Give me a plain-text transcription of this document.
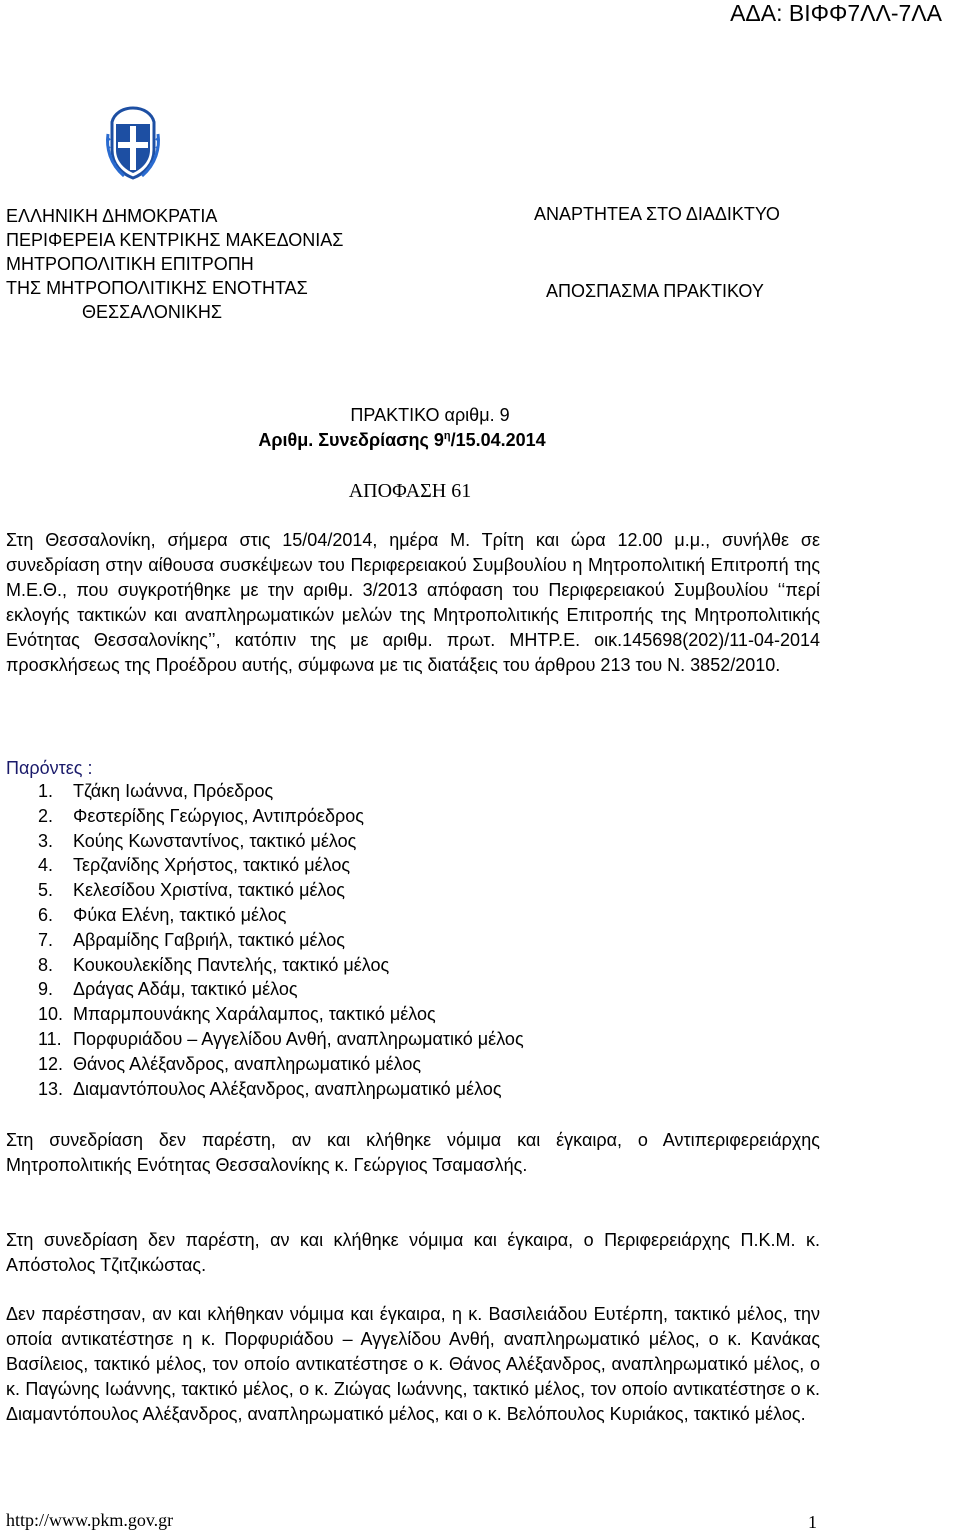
ΑΔΑ: ΒΙΦΦ7ΛΛ-7ΛΑ
ΕΛΛΗΝΙΚΗ ΔΗΜΟΚΡΑΤΙΑ
ΠΕΡΙΦΕΡΕΙΑ ΚΕΝΤΡΙΚΗΣ ΜΑΚΕΔΟΝΙΑΣ
ΜΗΤΡΟΠΟΛΙΤΙΚΗ ΕΠΙΤΡΟΠΗ
ΤΗΣ ΜΗΤΡΟΠΟΛΙΤΙΚΗΣ ΕΝΟΤΗΤΑΣ
ΘΕΣΣΑΛΟΝΙΚΗΣ
ΑΝΑΡΤΗΤΕΑ ΣΤΟ ΔΙΑΔΙΚΤΥΟ
ΑΠΟΣΠΑΣΜΑ ΠΡΑΚΤΙΚΟΥ
ΠΡΑΚΤΙΚΟ αριθμ. 9
Αριθμ. Συνεδρίασης $9^\eta/15.04.2014$
ΑΠΟΦΑΣΗ 61
Στη Θεσσαλονίκη, σήμερα στις 15/04/2014, ημέρα Μ. Τρίτη και ώρα 12.00 μ.μ., συνήλθε σε συνεδρίαση στην αίθουσα συσκέψεων του Περιφερειακού Συμβουλίου η Μητροπολιτική Επιτροπή της Μ.Ε.Θ., που συγκροτήθηκε με την αριθμ. 3/2013 απόφαση του Περιφερειακού Συμβουλίου ‘‘περί εκλογής τακτικών και αναπληρωματικών μελών της Μητροπολιτικής Επιτροπής της Μητροπολιτικής Ενότητας Θεσσαλονίκης’’, κατόπιν της με αριθμ. πρωτ. ΜΗΤΡ.Ε. οικ.145698(202)/11-04-2014 προσκλήσεως της Προέδρου αυτής, σύμφωνα με τις διατάξεις του άρθρου 213 του Ν. 3852/2010.
Παρόντες :
1. Τζάκη Ιωάννα, Πρόεδρος
2. Φεστερίδης Γεώργιος, Αντιπρόεδρος
3. Κούης Κωνσταντίνος, τακτικό μέλος
4. Τερζανίδης Χρήστος, τακτικό μέλος
5. Κελεσίδου Χριστίνα, τακτικό μέλος
6. Φύκα Ελένη, τακτικό μέλος
7. Αβραμίδης Γαβριήλ, τακτικό μέλος
8. Κουκουλεκίδης Παντελής, τακτικό μέλος
9. Δράγας Αδάμ, τακτικό μέλος
10. Μπαρμπουνάκης Χαράλαμπος, τακτικό μέλος
11. Πορφυριάδου – Αγγελίδου Ανθή, αναπληρωματικό μέλος
12. Θάνος Αλέξανδρος, αναπληρωματικό μέλος
13. Διαμαντόπουλος Αλέξανδρος, αναπληρωματικό μέλος
Στη συνεδρίαση δεν παρέστη, αν και κλήθηκε νόμιμα και έγκαιρα, ο Αντιπεριφερειάρχης Μητροπολιτικής Ενότητας Θεσσαλονίκης κ. Γεώργιος Τσαμασλής.
Στη συνεδρίαση δεν παρέστη, αν και κλήθηκε νόμιμα και έγκαιρα, ο Περιφερειάρχης Π.Κ.Μ. κ. Απόστολος Τζιτζικώστας.
Δεν παρέστησαν, αν και κλήθηκαν νόμιμα και έγκαιρα, η κ. Βασιλειάδου Ευτέρπη, τακτικό μέλος, την οποία αντικατέστησε η κ. Πορφυριάδου – Αγγελίδου Ανθή, αναπληρωματικό μέλος, ο κ. Κανάκας Βασίλειος, τακτικό μέλος, τον οποίο αντικατέστησε ο κ. Θάνος Αλέξανδρος, αναπληρωματικό μέλος, ο κ. Παγώνης Ιωάννης, τακτικό μέλος, ο κ. Ζιώγας Ιωάννης, τακτικό μέλος, τον οποίο αντικατέστησε ο κ. Διαμαντόπουλος Αλέξανδρος, αναπληρωματικό μέλος, και ο κ. Βελόπουλος Κυριάκος, τακτικό μέλος.
http://www.pkm.gov.gr	1
